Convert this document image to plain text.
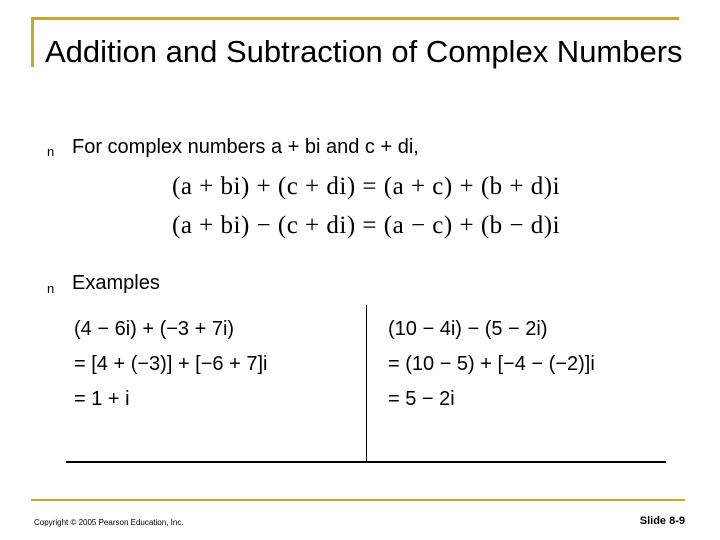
Addition and Subtraction of Complex Numbers
n For complex numbers a + bi and c + di,
(a + bi) + (c + di) = (a + c) + (b + d)i
(a + bi) − (c + di) = (a − c) + (b − d)i
n Examples
(4 − 6i) + (−3 + 7i)
= [4 + (−3)] + [−6 + 7]i
= 1 + i
(10 − 4i) − (5 − 2i)
= (10 − 5) + [−4 − (−2)]i
= 5 − 2i
Copyright © 2005 Pearson Education, Inc.	Slide 8-9
